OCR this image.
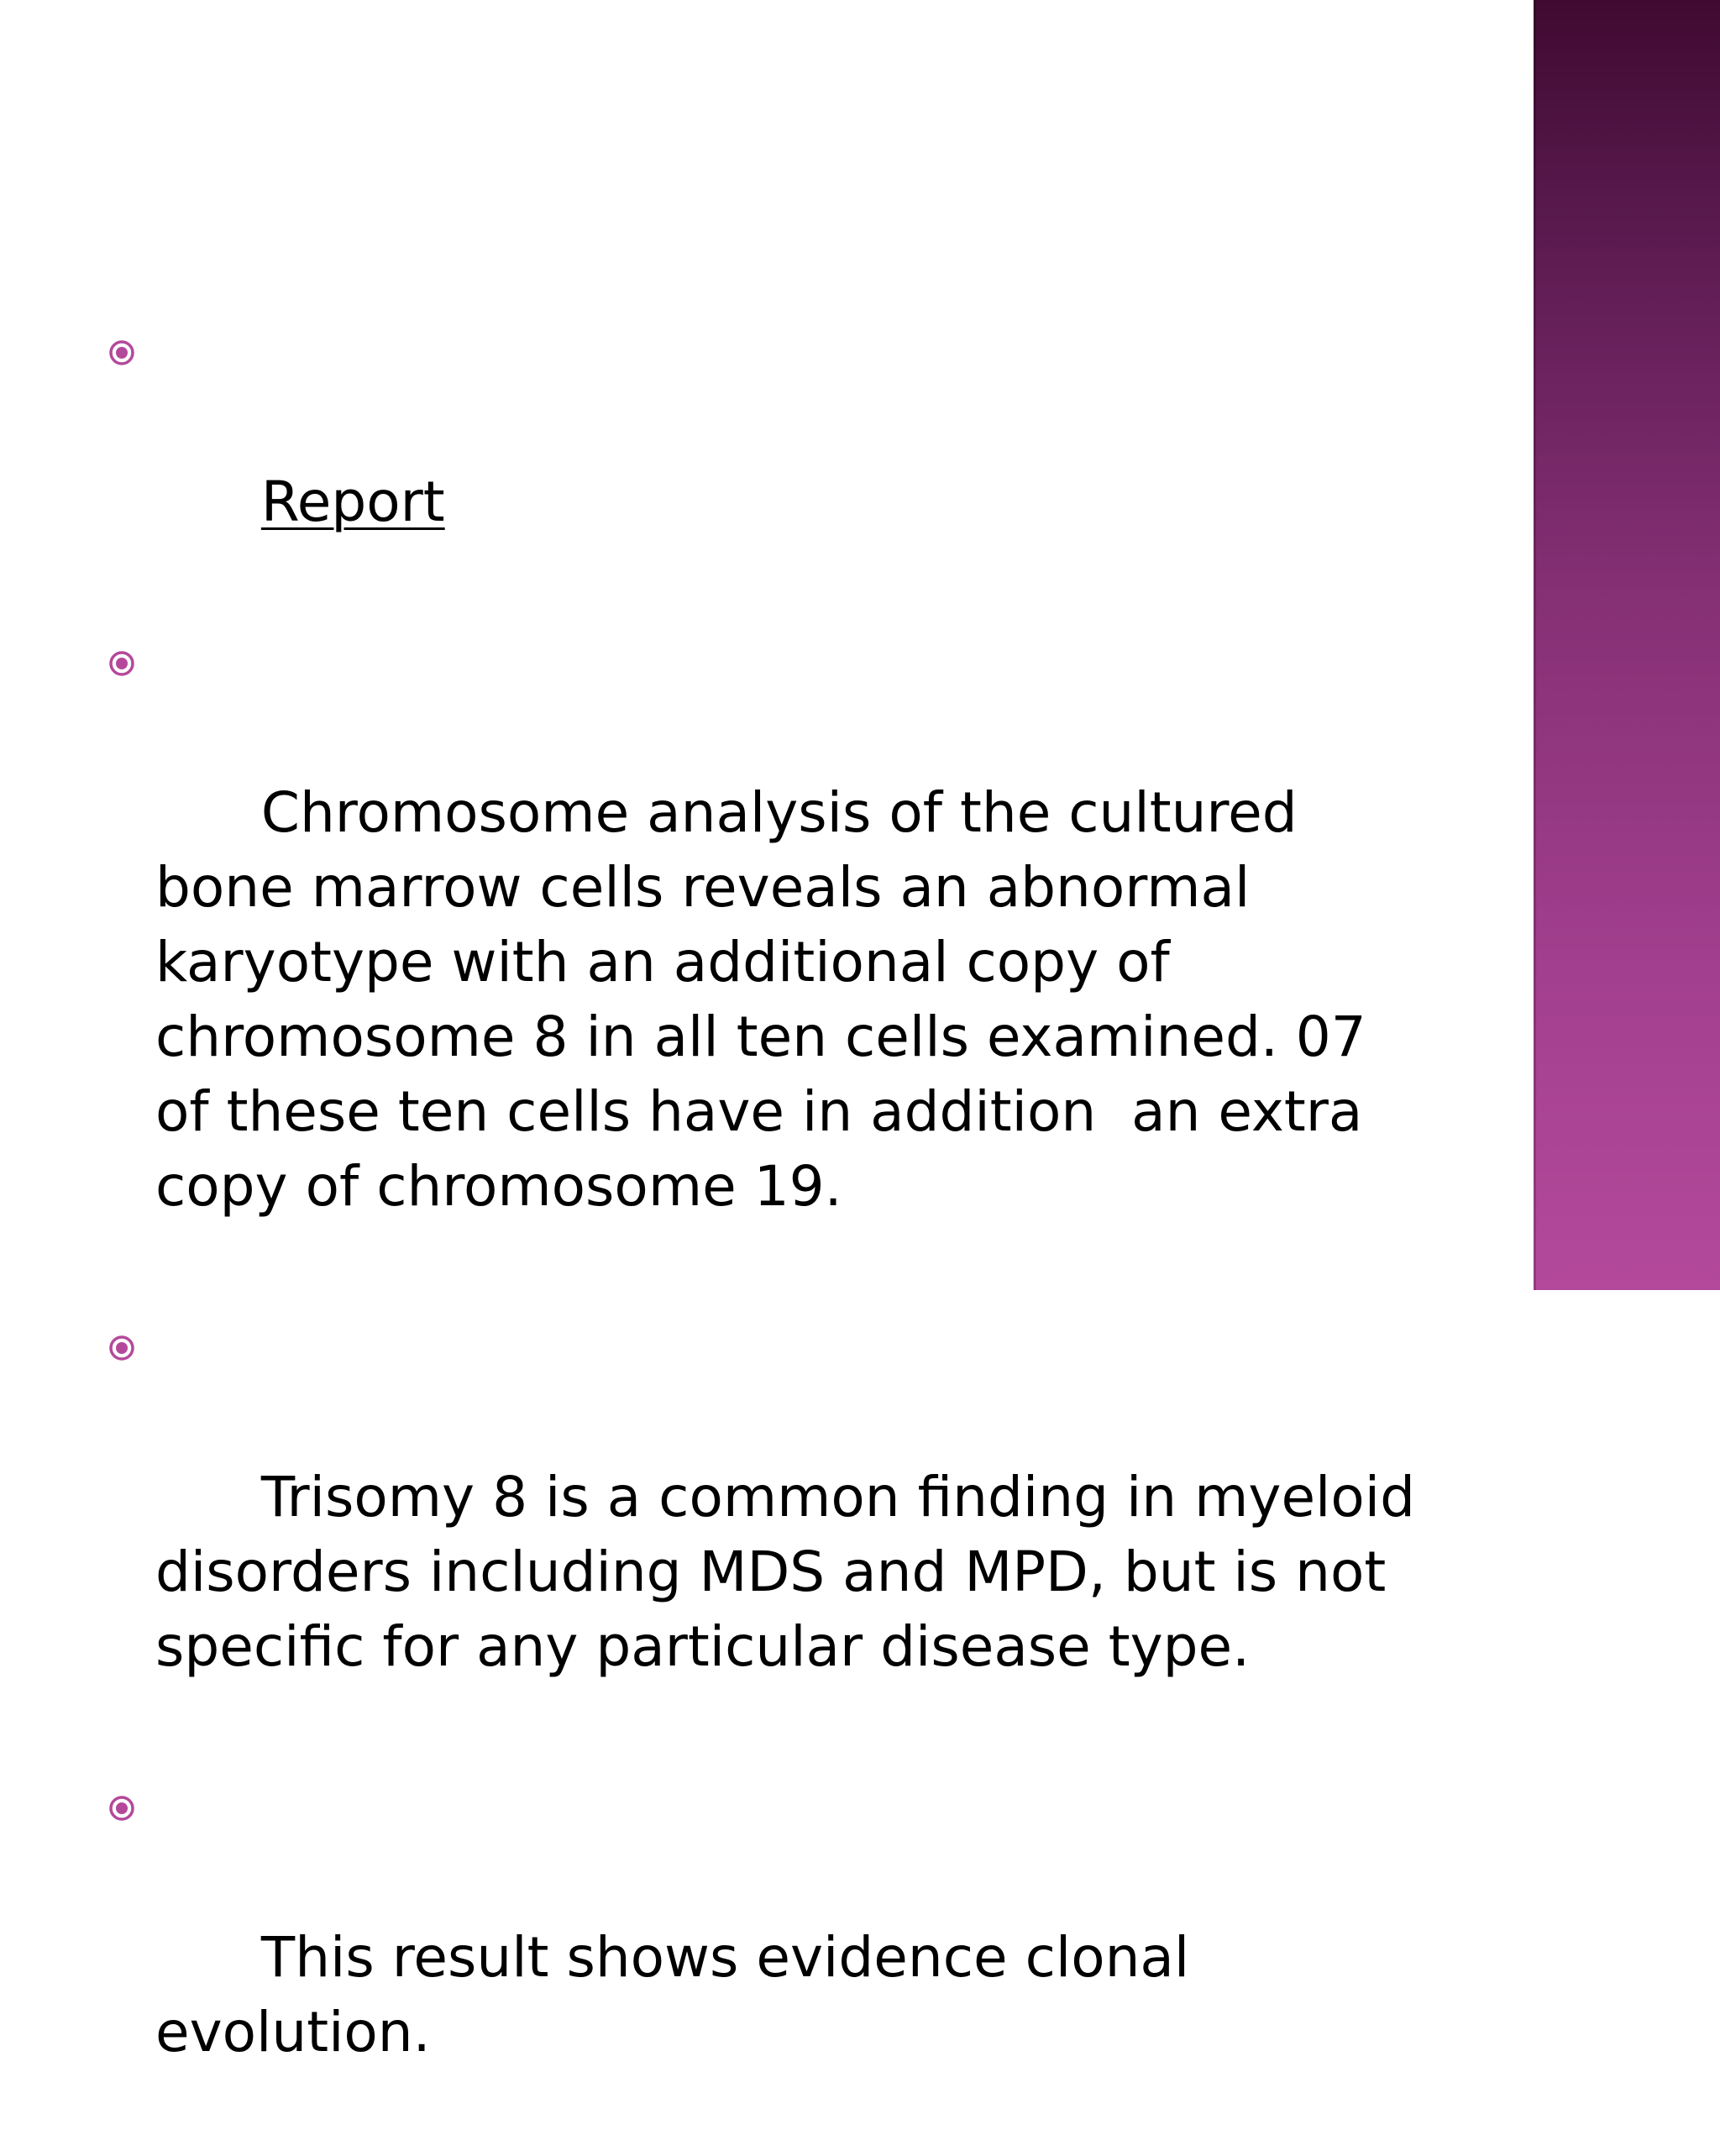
Report

Chromosome analysis of the cultured bone marrow cells reveals an abnormal karyotype with an additional copy of chromosome 8 in all ten cells examined. 07 of these ten cells have in addition  an extra copy of chromosome 19.

Trisomy 8 is a common finding in myeloid disorders including MDS and MPD, but is not specific for any particular disease type.

This result shows evidence clonal evolution.
